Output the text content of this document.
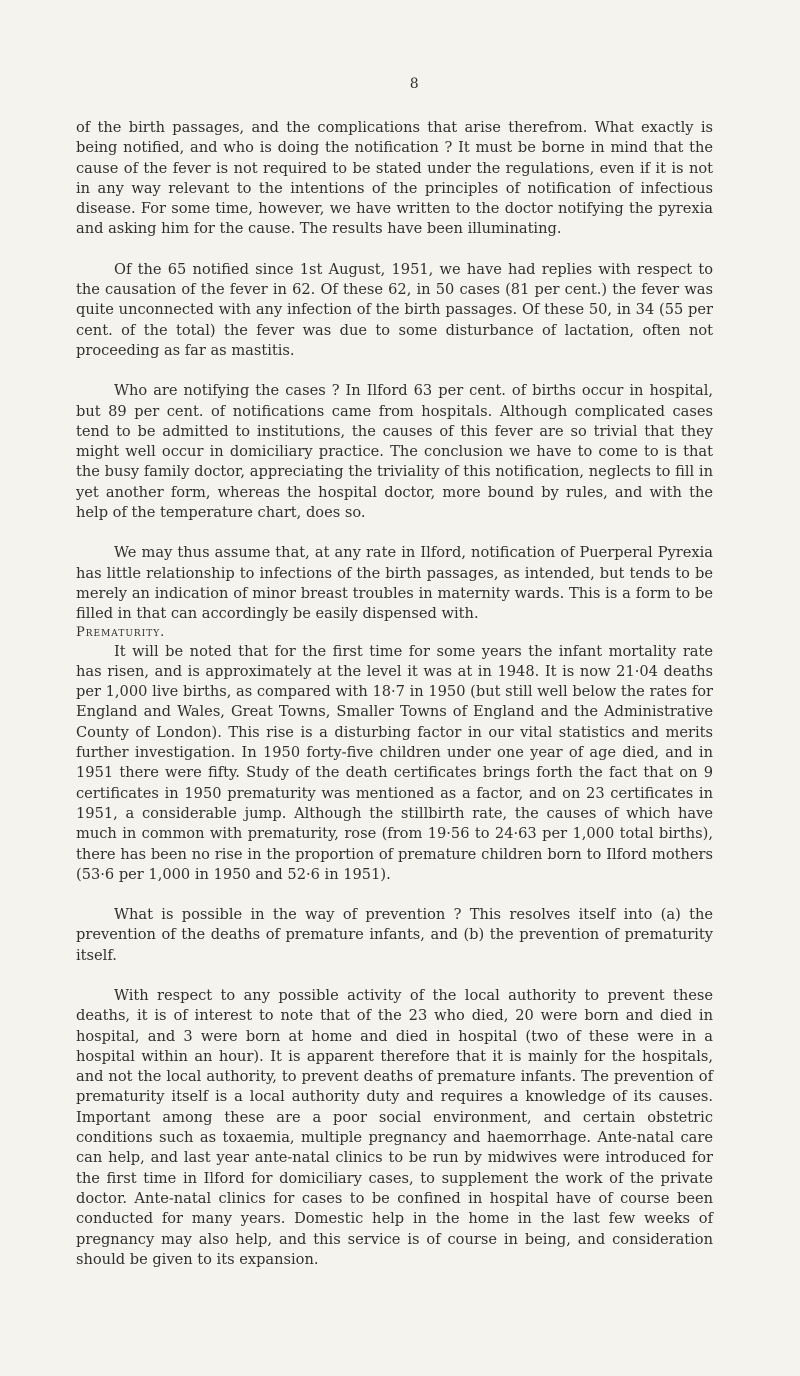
8

of the birth passages, and the complications that arise therefrom. What exactly is being notified, and who is doing the notification ? It must be borne in mind that the cause of the fever is not required to be stated under the regulations, even if it is not in any way relevant to the intentions of the principles of notification of infectious disease. For some time, however, we have written to the doctor notifying the pyrexia and asking him for the cause. The results have been illuminating.

Of the 65 notified since 1st August, 1951, we have had replies with respect to the causation of the fever in 62. Of these 62, in 50 cases (81 per cent.) the fever was quite unconnected with any infection of the birth passages. Of these 50, in 34 (55 per cent. of the total) the fever was due to some disturbance of lactation, often not proceeding as far as mastitis.

Who are notifying the cases ? In Ilford 63 per cent. of births occur in hospital, but 89 per cent. of notifications came from hospitals. Although complicated cases tend to be admitted to institutions, the causes of this fever are so trivial that they might well occur in domiciliary practice. The conclusion we have to come to is that the busy family doctor, appreciating the triviality of this notification, neglects to fill in yet another form, whereas the hospital doctor, more bound by rules, and with the help of the temperature chart, does so.

We may thus assume that, at any rate in Ilford, notification of Puerperal Pyrexia has little relationship to infections of the birth passages, as intended, but tends to be merely an indication of minor breast troubles in maternity wards. This is a form to be filled in that can accordingly be easily dispensed with.

Prematurity.

It will be noted that for the first time for some years the infant mortality rate has risen, and is approximately at the level it was at in 1948. It is now 21·04 deaths per 1,000 live births, as compared with 18·7 in 1950 (but still well below the rates for England and Wales, Great Towns, Smaller Towns of England and the Administrative County of London). This rise is a disturbing factor in our vital statistics and merits further investigation. In 1950 forty-five children under one year of age died, and in 1951 there were fifty. Study of the death certificates brings forth the fact that on 9 certificates in 1950 prematurity was mentioned as a factor, and on 23 certificates in 1951, a considerable jump. Although the stillbirth rate, the causes of which have much in common with prematurity, rose (from 19·56 to 24·63 per 1,000 total births), there has been no rise in the proportion of premature children born to Ilford mothers (53·6 per 1,000 in 1950 and 52·6 in 1951).

What is possible in the way of prevention ? This resolves itself into (a) the prevention of the deaths of premature infants, and (b) the prevention of prematurity itself.

With respect to any possible activity of the local authority to prevent these deaths, it is of interest to note that of the 23 who died, 20 were born and died in hospital, and 3 were born at home and died in hospital (two of these were in a hospital within an hour). It is apparent therefore that it is mainly for the hospitals, and not the local authority, to prevent deaths of premature infants. The prevention of prematurity itself is a local authority duty and requires a knowledge of its causes. Important among these are a poor social environment, and certain obstetric conditions such as toxaemia, multiple pregnancy and haemorrhage. Ante-natal care can help, and last year ante-natal clinics to be run by midwives were introduced for the first time in Ilford for domiciliary cases, to supplement the work of the private doctor. Ante-natal clinics for cases to be confined in hospital have of course been conducted for many years. Domestic help in the home in the last few weeks of pregnancy may also help, and this service is of course in being, and consideration should be given to its expansion.
